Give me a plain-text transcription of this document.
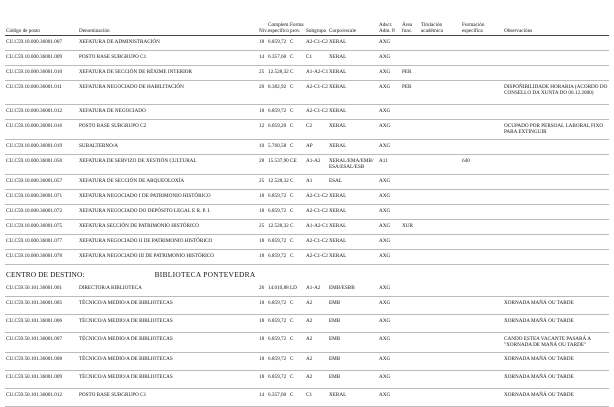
Código de posto	Denominación	Niv.	Complem. específico	Forma prov.	Subgrupo	Corpo/escale	Adscr. Adm. P.	Área func.	Titulación académica	Formación específica	Observacións
CU.C59.10.000.36001.007	XEFATURA DE ADMINISTRACIÓN	18	6.859,72	C	A2-C1-C2	XERAL	AXG				
CU.C59.10.000.36001.009	POSTO BASE SUBGRUPO C1	14	6.357,60	C	C1	XERAL	AXG				
CU.C59.10.000.36001.010	XEFATURA DE SECCIÓN DE RÉXIME INTERIOR	25	12.528,32	C	A1-A2-C1	XERAL	AXG	PER			
CU.C59.10.000.36001.011	XEFATURA NEGOCIADO DE HABILITACIÓN	20	8.382,92	C	A2-C1-C2	XERAL	AXG	PER			DISPOÑIBILIDADE HORARIA (ACORDO DO CONSELLO DA XUNTA DO 06.12.2000)
CU.C59.10.000.36001.012	XEFATURA DE NEGOCIADO	18	6.859,72	C	A2-C1-C2	XERAL	AXG				
CU.C59.10.000.36001.016	POSTO BASE SUBGRUPO C2	12	6.059,20	C	C2	XERAL	AXG				OCUPADO POR PERSOAL LABORAL FIXO PARA EXTINGUIR
CU.C59.10.000.36001.019	SUBALTERNO/A	10	5.760,58	C	AP	XERAL	AXG				
CU.C59.10.000.36001.050	XEFATURA DE SERVIZO DE XESTIÓN CULTURAL	28	15.537,90	CE	A1-A2	XERAL/EMA/EMB/ ESA/ESAL/ESB	A11			640	
CU.C59.10.000.36001.057	XEFATURA DE SECCIÓN DE ARQUEOLOXÍA	25	12.528,32	C	A1	ESAL	AXG				
CU.C59.10.000.36001.071	XEFATURA NEGOCIADO I DE PATRIMONIO HISTÓRICO	18	6.859,72	C	A2-C1-C2	XERAL	AXG				
CU.C59.10.000.36001.072	XEFATURA NEGOCIADO DO DEPÓSITO LEGAL E R. P. I.	18	6.859,72	C	A2-C1-C2	XERAL	AXG				
CU.C59.10.000.36001.075	XEFATURA SECCIÓN DE PATRIMONIO HISTÓRICO	25	12.528,32	C	A1-A2-C1	XERAL	AXG	XUR			
CU.C59.10.000.36001.077	XEFATURA NEGOCIADO II DE PATRIMONIO HISTÓRICO	18	6.859,72	C	A2-C1-C2	XERAL	AXG				
CU.C59.10.000.36001.078	XEFATURA NEGOCIADO III DE PATRIMONIO HISTÓRICO	18	6.859,72	C	A2-C1-C2	XERAL	AXG				
CENTRO DE DESTINO: BIBLIOTECA PONTEVEDRA											
CU.C59.50.101.36001.001	DIRECTOR/A BIBLIOTECA	26	14.010,88	LD	A1-A2	EMB/ESBB	AXG				
CU.C59.50.101.36001.005	TÉCNICO/A MEDIO/A DE BIBLIOTECAS	18	6.859,72	C	A2	EMB	AXG				XORNADA MAÑÁ OU TARDE
CU.C59.50.101.36001.006	TÉCNICO/A MEDIO/A DE BIBLIOTECAS	18	6.859,72	C	A2	EMB	AXG				XORNADA MAÑÁ OU TARDE
CU.C59.50.101.36001.007	TÉCNICO/A MEDIO/A DE BIBLIOTECAS	18	6.859,72	C	A2	EMB	AXG				CANDO ESTEA VACANTE PASARÁ A "XORNADA DE MAÑÁ OU TARDE"
CU.C59.50.101.36001.008	TÉCNICO/A MEDIO/A DE BIBLIOTECAS	18	6.859,72	C	A2	EMB	AXG				XORNADA MAÑÁ OU TARDE
CU.C59.50.101.36001.009	TÉCNICO/A MEDIO/A DE BIBLIOTECAS	18	6.859,72	C	A2	EMB	AXG				XORNADA MAÑÁ OU TARDE
CU.C59.50.101.36001.012	POSTO BASE SUBGRUPO C1	14	6.357,60	C	C1	XERAL	AXG				XORNADA MAÑÁ OU TARDE
